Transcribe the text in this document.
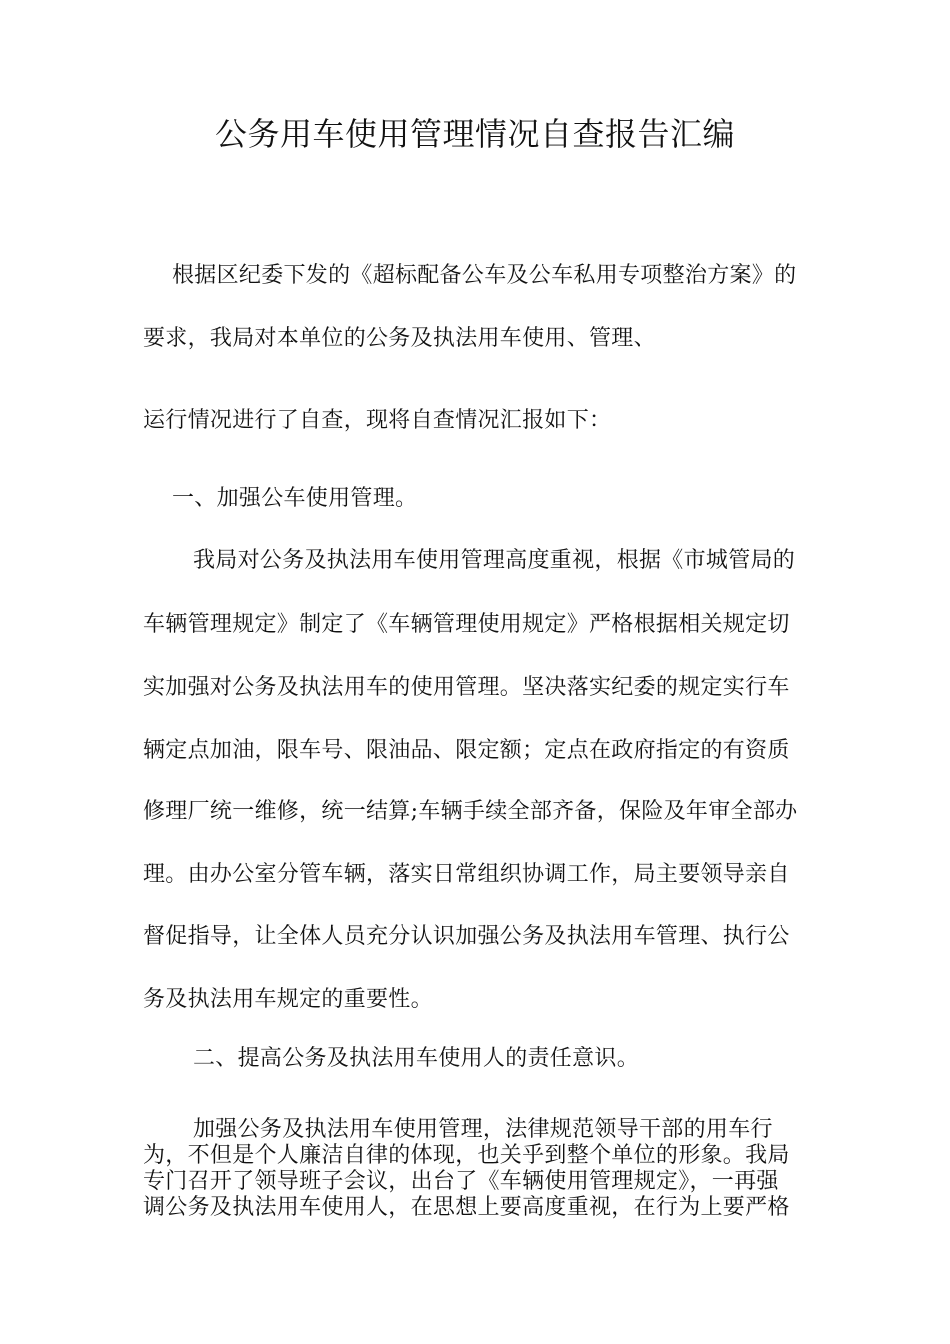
公务用车使用管理情况自查报告汇编
根据区纪委下发的《超标配备公车及公车私用专项整治方案》的
要求，我局对本单位的公务及执法用车使用、管理、
运行情况进行了自查，现将自查情况汇报如下：
一、加强公车使用管理。
我局对公务及执法用车使用管理高度重视，根据《市城管局的
车辆管理规定》制定了《车辆管理使用规定》严格根据相关规定切
实加强对公务及执法用车的使用管理。坚决落实纪委的规定实行车
辆定点加油，限车号、限油品、限定额；定点在政府指定的有资质
修理厂统一维修，统一结算;车辆手续全部齐备，保险及年审全部办
理。由办公室分管车辆，落实日常组织协调工作，局主要领导亲自
督促指导，让全体人员充分认识加强公务及执法用车管理、执行公
务及执法用车规定的重要性。
二、提高公务及执法用车使用人的责任意识。
加强公务及执法用车使用管理，法律规范领导干部的用车行
为，不但是个人廉洁自律的体现，也关乎到整个单位的形象。我局
专门召开了领导班子会议，出台了《车辆使用管理规定》，一再强
调公务及执法用车使用人，在思想上要高度重视，在行为上要严格
